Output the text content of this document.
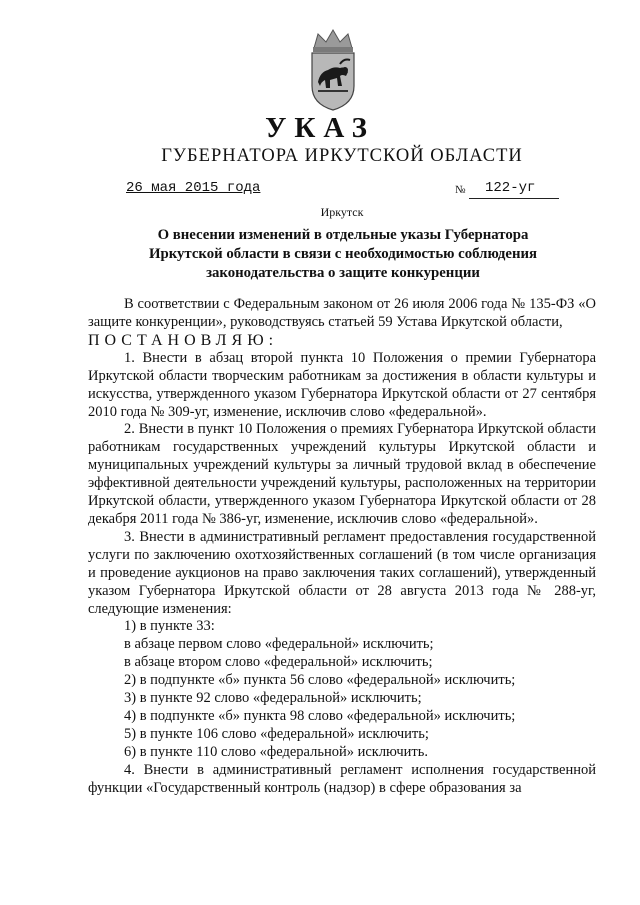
УКАЗ
ГУБЕРНАТОРА ИРКУТСКОЙ ОБЛАСТИ
26 мая 2015 года	№ 122-уг
Иркутск
О внесении изменений в отдельные указы Губернатора Иркутской области в связи с необходимостью соблюдения законодательства о защите конкуренции

В соответствии с Федеральным законом от 26 июля 2006 года № 135-ФЗ «О защите конкуренции», руководствуясь статьей 59 Устава Иркутской области,

ПОСТАНОВЛЯЮ:

1. Внести в абзац второй пункта 10 Положения о премии Губернатора Иркутской области творческим работникам за достижения в области культуры и искусства, утвержденного указом Губернатора Иркутской области от 27 сентября 2010 года № 309-уг, изменение, исключив слово «федеральной».

2. Внести в пункт 10 Положения о премиях Губернатора Иркутской области работникам государственных учреждений культуры Иркутской области и муниципальных учреждений культуры за личный трудовой вклад в обеспечение эффективной деятельности учреждений культуры, расположенных на территории Иркутской области, утвержденного указом Губернатора Иркутской области от 28 декабря 2011 года № 386-уг, изменение, исключив слово «федеральной».

3. Внести в административный регламент предоставления государственной услуги по заключению охотхозяйственных соглашений (в том числе организация и проведение аукционов на право заключения таких соглашений), утвержденный указом Губернатора Иркутской области от 28 августа 2013 года № 288-уг, следующие изменения:

1) в пункте 33:

в абзаце первом слово «федеральной» исключить;

в абзаце втором слово «федеральной» исключить;

2) в подпункте «б» пункта 56 слово «федеральной» исключить;

3) в пункте 92 слово «федеральной» исключить;

4) в подпункте «б» пункта 98 слово «федеральной» исключить;

5) в пункте 106 слово «федеральной» исключить;

6) в пункте 110 слово «федеральной» исключить.

4. Внести в административный регламент исполнения государственной функции «Государственный контроль (надзор) в сфере образования за
